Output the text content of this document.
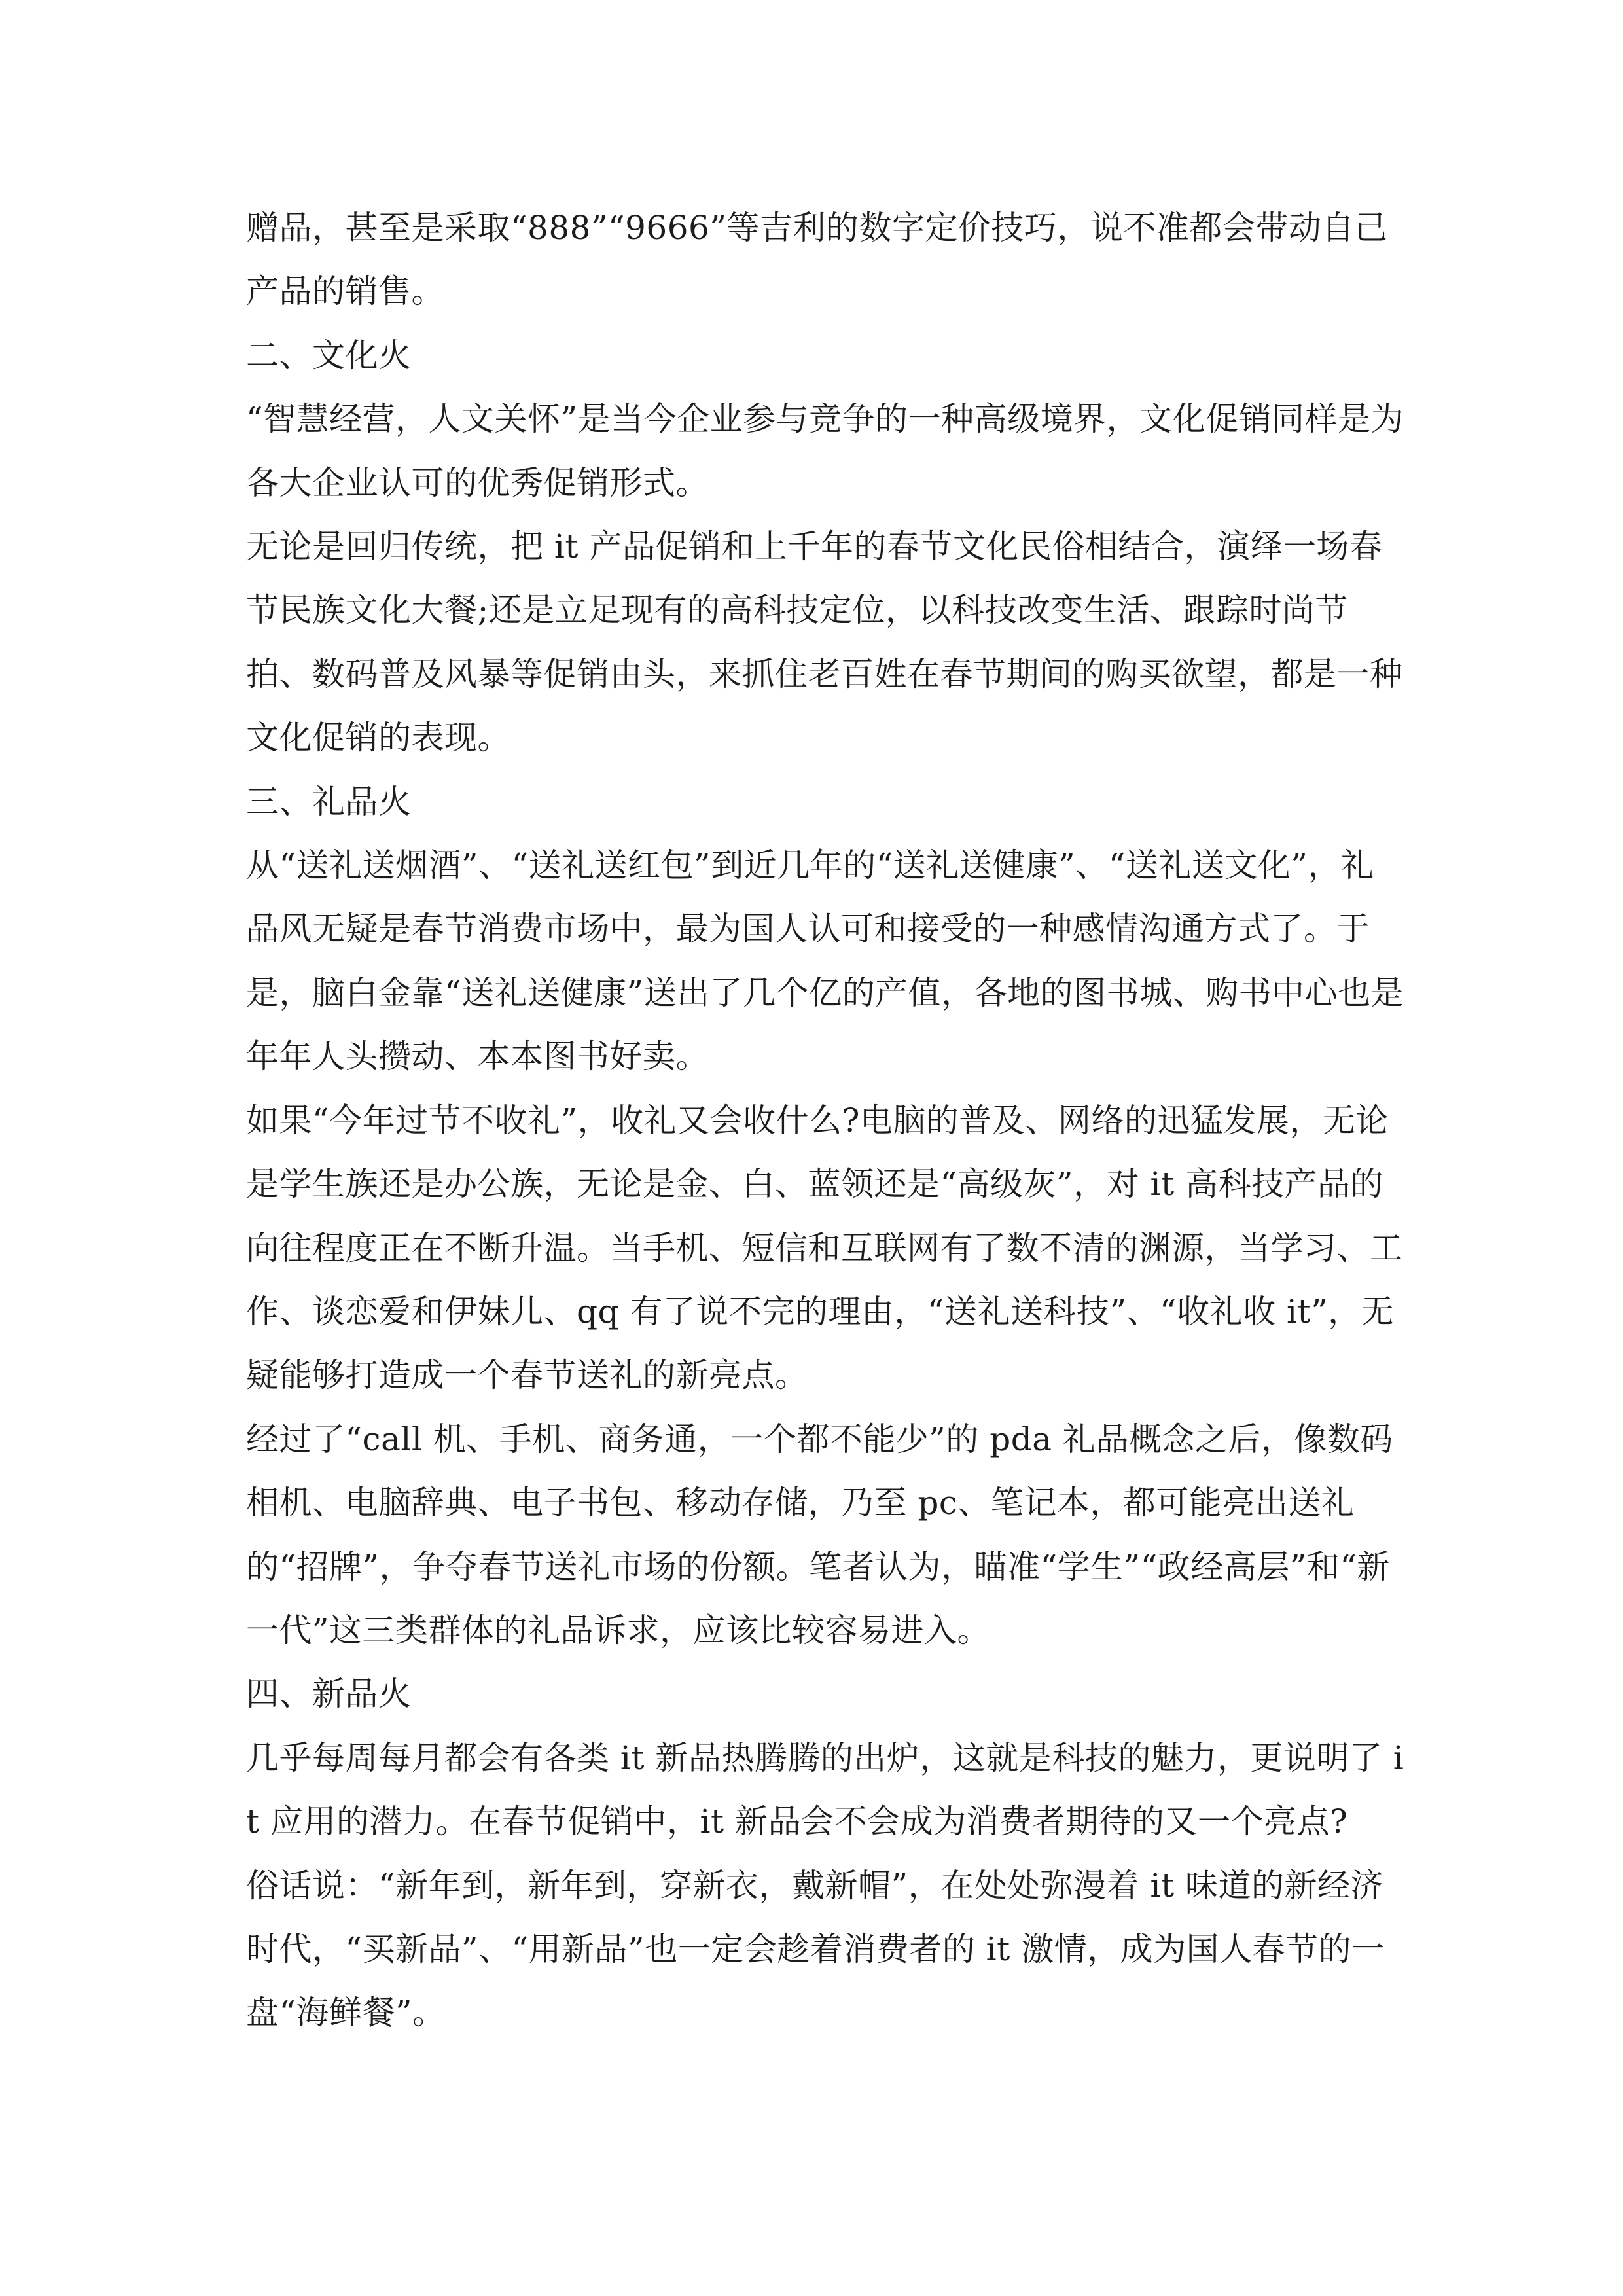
赠品，甚至是采取“888”“9666”等吉利的数字定价技巧，说不准都会带动自己产品的销售。

二、文化火

“智慧经营，人文关怀”是当今企业参与竞争的一种高级境界，文化促销同样是为各大企业认可的优秀促销形式。

无论是回归传统，把 it 产品促销和上千年的春节文化民俗相结合，演绎一场春节民族文化大餐;还是立足现有的高科技定位，以科技改变生活、跟踪时尚节拍、数码普及风暴等促销由头，来抓住老百姓在春节期间的购买欲望，都是一种文化促销的表现。

三、礼品火

从“送礼送烟酒”、“送礼送红包”到近几年的“送礼送健康”、“送礼送文化”，礼品风无疑是春节消费市场中，最为国人认可和接受的一种感情沟通方式了。于是，脑白金靠“送礼送健康”送出了几个亿的产值，各地的图书城、购书中心也是年年人头攒动、本本图书好卖。

如果“今年过节不收礼”，收礼又会收什么?电脑的普及、网络的迅猛发展，无论是学生族还是办公族，无论是金、白、蓝领还是“高级灰”，对 it 高科技产品的向往程度正在不断升温。当手机、短信和互联网有了数不清的渊源，当学习、工作、谈恋爱和伊妹儿、qq 有了说不完的理由，“送礼送科技”、“收礼收 it”，无疑能够打造成一个春节送礼的新亮点。

经过了“call 机、手机、商务通，一个都不能少”的 pda 礼品概念之后，像数码相机、电脑辞典、电子书包、移动存储，乃至 pc、笔记本，都可能亮出送礼的“招牌”，争夺春节送礼市场的份额。笔者认为，瞄准“学生”“政经高层”和“新一代”这三类群体的礼品诉求，应该比较容易进入。

四、新品火

几乎每周每月都会有各类 it 新品热腾腾的出炉，这就是科技的魅力，更说明了 it 应用的潜力。在春节促销中，it 新品会不会成为消费者期待的又一个亮点?

俗话说：“新年到，新年到，穿新衣，戴新帽”，在处处弥漫着 it 味道的新经济时代，“买新品”、“用新品”也一定会趁着消费者的 it 激情，成为国人春节的一盘“海鲜餐”。
